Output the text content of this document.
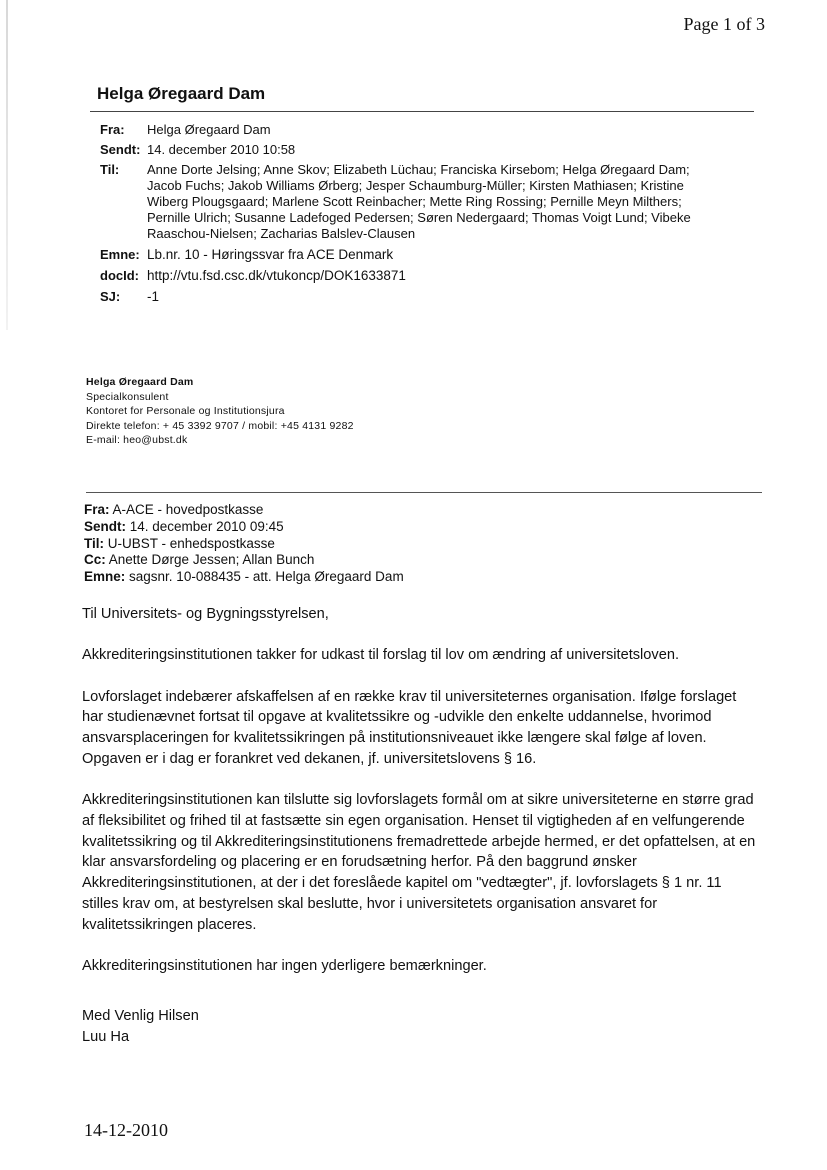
Page 1 of 3
Helga Øregaard Dam
Fra:	Helga Øregaard Dam
Sendt: 14. december 2010 10:58
Til:	Anne Dorte Jelsing; Anne Skov; Elizabeth Lüchau; Franciska Kirsebom; Helga Øregaard Dam;
Jacob Fuchs; Jakob Williams Ørberg; Jesper Schaumburg-Müller; Kirsten Mathiasen; Kristine
Wiberg Plougsgaard; Marlene Scott Reinbacher; Mette Ring Rossing; Pernille Meyn Milthers;
Pernille Ulrich; Susanne Ladefoged Pedersen; Søren Nedergaard; Thomas Voigt Lund; Vibeke
Raaschou-Nielsen; Zacharias Balslev-Clausen
Emne: Lb.nr. 10 - Høringssvar fra ACE Denmark
docId: http://vtu.fsd.csc.dk/vtukoncp/DOK1633871
SJ:	-1
Helga Øregaard Dam
Specialkonsulent
Kontoret for Personale og Institutionsjura
Direkte telefon: + 45 3392 9707 / mobil: +45 4131 9282
E-mail: heo@ubst.dk
Fra: A-ACE - hovedpostkasse
Sendt: 14. december 2010 09:45
Til: U-UBST - enhedspostkasse
Cc: Anette Dørge Jessen; Allan Bunch
Emne: sagsnr. 10-088435 - att. Helga Øregaard Dam

Til Universitets- og Bygningsstyrelsen,

Akkrediteringsinstitutionen takker for udkast til forslag til lov om ændring af universitetsloven.

Lovforslaget indebærer afskaffelsen af en række krav til universiteternes organisation. Ifølge forslaget har studienævnet fortsat til opgave at kvalitetssikre og -udvikle den enkelte uddannelse, hvorimod ansvarsplaceringen for kvalitetssikringen på institutionsniveauet ikke længere skal følge af loven. Opgaven er i dag er forankret ved dekanen, jf. universitetslovens § 16.

Akkrediteringsinstitutionen kan tilslutte sig lovforslagets formål om at sikre universiteterne en større grad af fleksibilitet og frihed til at fastsætte sin egen organisation. Henset til vigtigheden af en velfungerende kvalitetssikring og til Akkrediteringsinstitutionens fremadrettede arbejde hermed, er det opfattelsen, at en klar ansvarsfordeling og placering er en forudsætning herfor. På den baggrund ønsker Akkrediteringsinstitutionen, at der i det foreslåede kapitel om "vedtægter", jf. lovforslagets § 1 nr. 11 stilles krav om, at bestyrelsen skal beslutte, hvor i universitetets organisation ansvaret for kvalitetssikringen placeres.

Akkrediteringsinstitutionen har ingen yderligere bemærkninger.

Med Venlig Hilsen
Luu Ha
14-12-2010
